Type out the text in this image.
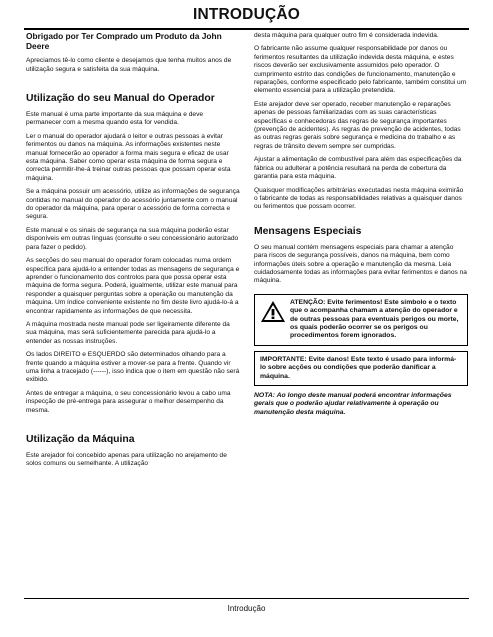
INTRODUÇÃO
Obrigado por Ter Comprado um Produto da John Deere

Apreciamos tê-lo como cliente e desejamos que tenha muitos anos de utilização segura e satisfeita da sua máquina.

Utilização do seu Manual do Operador

Este manual é uma parte importante da sua máquina e deve permanecer com a mesma quando esta for vendida.

Ler o manual do operador ajudará o leitor e outras pessoas a evitar ferimentos ou danos na máquina. As informações existentes neste manual fornecerão ao operador a forma mais segura e eficaz de usar esta máquina. Saber como operar esta máquina de forma segura e correcta permitir-lhe-á treinar outras pessoas que possam operar esta máquina.

Se a máquina possuir um acessório, utilize as informações de segurança contidas no manual do operador do acessório juntamente com o manual do operador da máquina, para operar o acessório de forma correcta e segura.

Este manual e os sinais de segurança na sua máquina poderão estar disponíveis em outras línguas (consulte o seu concessionário autorizado para fazer o pedido).

As secções do seu manual do operador foram colocadas numa ordem específica para ajudá-lo a entender todas as mensagens de segurança e aprender o funcionamento dos controlos para que possa operar esta máquina de forma segura. Poderá, igualmente, utilizar este manual para responder a quaisquer perguntas sobre a operação ou manutenção da máquina. Um índice conveniente existente no fim deste livro ajudá-lo-á a encontrar rapidamente as informações de que necessita.

A máquina mostrada neste manual pode ser ligeiramente diferente da sua máquina, mas será suficientemente parecida para ajudá-lo a entender as nossas instruções.

Os lados DIREITO e ESQUERDO são determinados olhando para a frente quando a máquina estiver a mover-se para a frente. Quando vir uma linha a tracejado (------), isso indica que o item em questão não será exibido.

Antes de entregar a máquina, o seu concessionário levou a cabo uma inspecção de pré-entrega para assegurar o melhor desempenho da mesma.

Utilização da Máquina

Este arejador foi concebido apenas para utilização no arejamento de solos comuns ou semelhante. A utilização

desta máquina para qualquer outro fim é considerada indevida.

O fabricante não assume qualquer responsabilidade por danos ou ferimentos resultantes da utilização indevida desta máquina, e estes riscos deverão ser exclusivamente assumidos pelo operador. O cumprimento estrito das condições de funcionamento, manutenção e reparações, conforme especificado pelo fabricante, também constitui um elemento essencial para a utilização pretendida.

Este arejador deve ser operado, receber manutenção e reparações apenas de pessoas familiarizadas com as suas características específicas e conhecedoras das regras de segurança importantes (prevenção de acidentes). As regras de prevenção de acidentes, todas as outras regras gerais sobre segurança e medicina do trabalho e as regras de trânsito devem sempre ser cumpridas.

Ajustar a alimentação de combustível para além das especificações da fábrica ou adulterar a potência resultará na perda de cobertura da garantia para esta máquina.

Quaisquer modificações arbitrárias executadas nesta máquina eximirão o fabricante de todas as responsabilidades relativas a quaisquer danos ou ferimentos que possam ocorrer.

Mensagens Especiais

O seu manual contém mensagens especiais para chamar a atenção para riscos de segurança possíveis, danos na máquina, bem como informações úteis sobre a operação e manutenção da mesma. Leia cuidadosamente todas as informações para evitar ferimentos e danos na máquina.

ATENÇÃO: Evite ferimentos! Este símbolo e o texto que o acompanha chamam a atenção do operador e de outras pessoas para eventuais perigos ou morte, os quais poderão ocorrer se os perigos ou procedimentos forem ignorados.
IMPORTANTE: Evite danos! Este texto é usado para informá-lo sobre acções ou condições que poderão danificar a máquina.

NOTA: Ao longo deste manual poderá encontrar informações gerais que o poderão ajudar relativamente à operação ou manutenção desta máquina.

Introdução
